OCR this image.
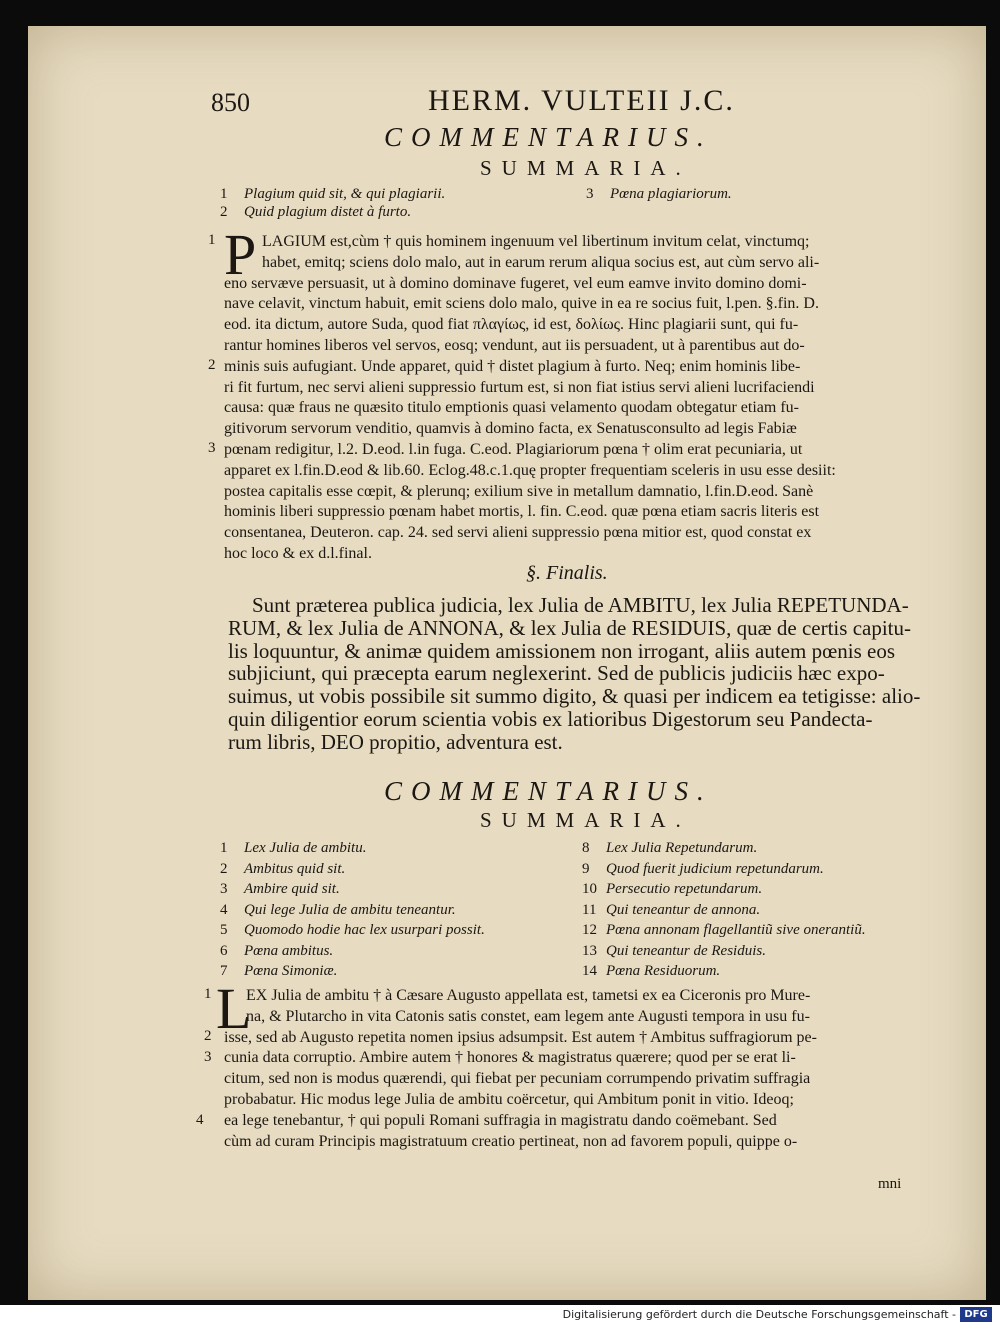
850	HERM. VULTEII J.C.
COMMENTARIUS.
SUMMARIA.
1 Plagium quid sit, & qui plagiarii.
2 Quid plagium distet à furto.
3 Pœna plagiariorum.
1
2
3
P LAGIUM est,cùm † quis hominem ingenuum vel libertinum invitum celat, vinctumq;
habet, emitq; sciens dolo malo, aut in earum rerum aliqua socius est, aut cùm servo ali-
eno servæve persuasit, ut à domino dominave fugeret, vel eum eamve invito domino domi-
nave celavit, vinctum habuit, emit sciens dolo malo, quive in ea re socius fuit, l.pen. §.fin. D.
eod. ita dictum, autore Suda, quod fiat πλαγίως, id est, δολίως. Hinc plagiarii sunt, qui fu-
rantur homines liberos vel servos, eosq; vendunt, aut iis persuadent, ut à parentibus aut do-
minis suis aufugiant. Unde apparet, quid † distet plagium à furto. Neq; enim hominis libe-
ri fit furtum, nec servi alieni suppressio furtum est, si non fiat istius servi alieni lucrifaciendi
causa: quæ fraus ne quæsito titulo emptionis quasi velamento quodam obtegatur etiam fu-
gitivorum servorum venditio, quamvis à domino facta, ex Senatusconsulto ad legis Fabiæ
pœnam redigitur, l.2. D.eod. l.in fuga. C.eod. Plagiariorum pœna † olim erat pecuniaria, ut
apparet ex l.fin.D.eod & lib.60. Eclog.48.c.1.quę propter frequentiam sceleris in usu esse desiit:
postea capitalis esse cœpit, & plerunq; exilium sive in metallum damnatio, l.fin.D.eod. Sanè
hominis liberi suppressio pœnam habet mortis, l. fin. C.eod. quæ pœna etiam sacris literis est
consentanea, Deuteron. cap. 24. sed servi alieni suppressio pœna mitior est, quod constat ex
hoc loco & ex d.l.final.
§. Finalis.
Sunt præterea publica judicia, lex Julia de AMBITU, lex Julia REPETUNDA-
RUM, & lex Julia de ANNONA, & lex Julia de RESIDUIS, quæ de certis capitu-
lis loquuntur, & animæ quidem amissionem non irrogant, aliis autem pœnis eos
subjiciunt, qui præcepta earum neglexerint. Sed de publicis judiciis hæc expo-
suimus, ut vobis possibile sit summo digito, & quasi per indicem ea tetigisse: alio-
quin diligentior eorum scientia vobis ex latioribus Digestorum seu Pandecta-
rum libris, DEO propitio, adventura est.
COMMENTARIUS.
SUMMARIA.
1 Lex Julia de ambitu.
2 Ambitus quid sit.
3 Ambire quid sit.
4 Qui lege Julia de ambitu teneantur.
5 Quomodo hodie hac lex usurpari possit.
6 Pœna ambitus.
7 Pœna Simoniæ.
8 Lex Julia Repetundarum.
9 Quod fuerit judicium repetundarum.
10 Persecutio repetundarum.
11 Qui teneantur de annona.
12 Pœna annonam flagellantiũ sive onerantiũ.
13 Qui teneantur de Residuis.
14 Pœna Residuorum.
1
2
3
4
L
EX Julia de ambitu † à Cæsare Augusto appellata est, tametsi ex ea Ciceronis pro Mure-
na, & Plutarcho in vita Catonis satis constet, eam legem ante Augusti tempora in usu fu-
isse, sed ab Augusto repetita nomen ipsius adsumpsit. Est autem † Ambitus suffragiorum pe-
cunia data corruptio. Ambire autem † honores & magistratus quærere; quod per se erat li-
citum, sed non is modus quærendi, qui fiebat per pecuniam corrumpendo privatim suffragia
probabatur. Hic modus lege Julia de ambitu coërcetur, qui Ambitum ponit in vitio. Ideoq;
ea lege tenebantur, † qui populi Romani suffragia in magistratu dando coëmebant. Sed
cùm ad curam Principis magistratuum creatio pertineat, non ad favorem populi, quippe o-
mni
Digitalisierung gefördert durch die Deutsche Forschungsgemeinschaft - DFG
